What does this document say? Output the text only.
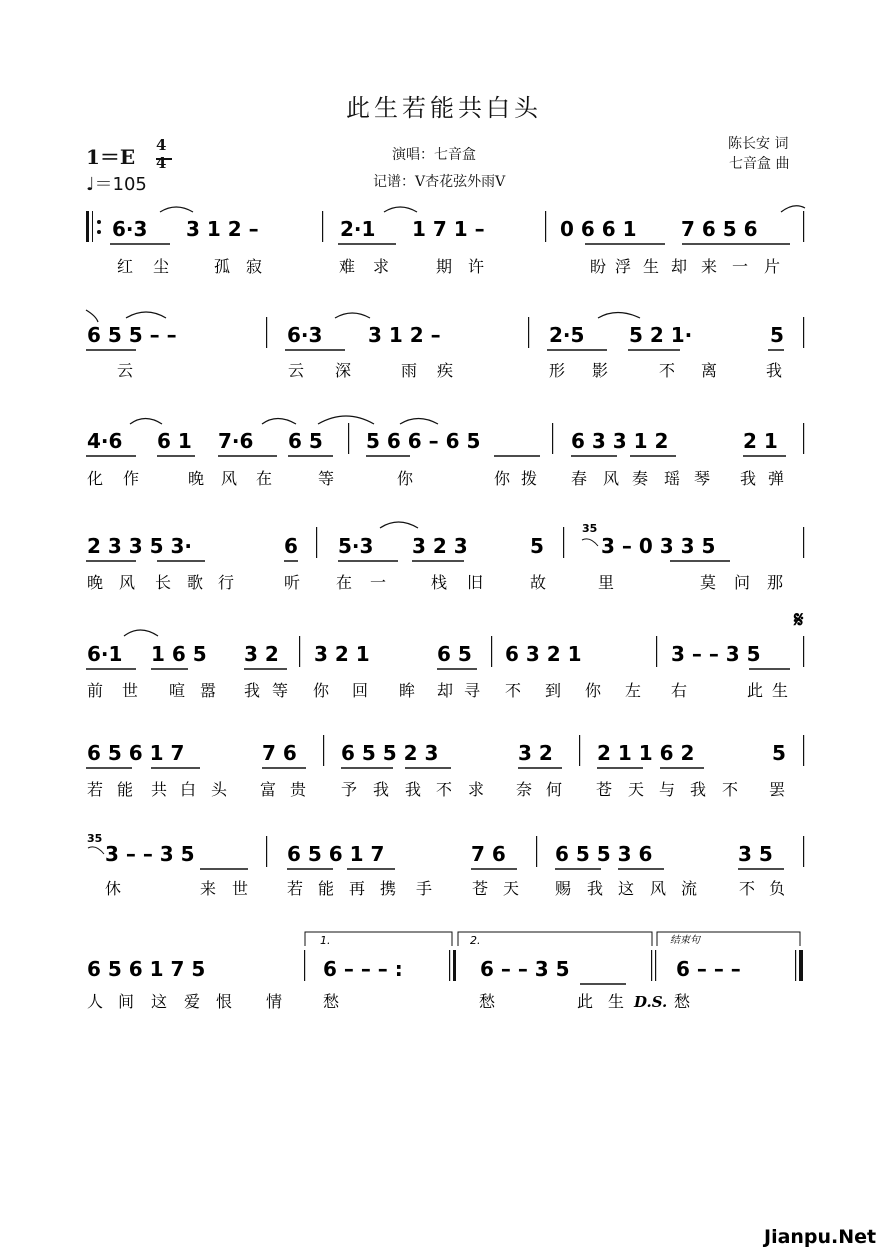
此生若能共白头
1＝E 4
4
♩＝105
演唱：七音盒
记谱：V杏花弦外雨V
陈长安 词
七音盒 曲
6·3 3 1 2 –	2·1 1 7 1 –	0 6 6 1 7 6 5 6
红 尘	孤 寂	难 求	期 许	盼 浮 生 却 来 一 片
6 5 5 – –	6·3 3 1 2 –	2·5 5 2 1·	5
云	云 深	雨 疾	形 影	不 离	我
4·6 6 1 7·6 6 5 5 6 6 – 6 5	6 3 3 1 2	2 1
化 作	晚 风 在	等	你	你 拨 春 风 奏 瑶 琴 我 弹
2 3 3 5 3·	6 5·3 3 2 3	5
35
3 – 0 3 3 5
晚 风 长 歌 行	听 在 一	栈 旧	故	里	莫 问 那
𝄋
6·1 1 6 5 3 2 3 2 1	6 5 6 3 2 1	3 – – 3 5
前 世 喧 嚣 我 等 你 回 眸 却 寻 不 到 你 左 右	此 生
6 5 6 1 7	7 6 6 5 5 2 3	3 2 2 1 1 6 2	5
若 能 共 白 头 富 贵 予 我 我 不 求 奈 何 苍 天 与 我 不 罢
35
3 – – 3 5	6 5 6 1 7	7 6 6 5 5 3 6	3 5
休	来 世 若 能 再 携 手 苍 天 赐 我 这 风 流	不 负
1.	2.	结束句
6 5 6 1 7 5	6 – – – :	6 – – 3 5	6 – – –
人 间 这 爱 恨 情	愁	愁	此 生 D.S. 愁
Jianpu.Net
